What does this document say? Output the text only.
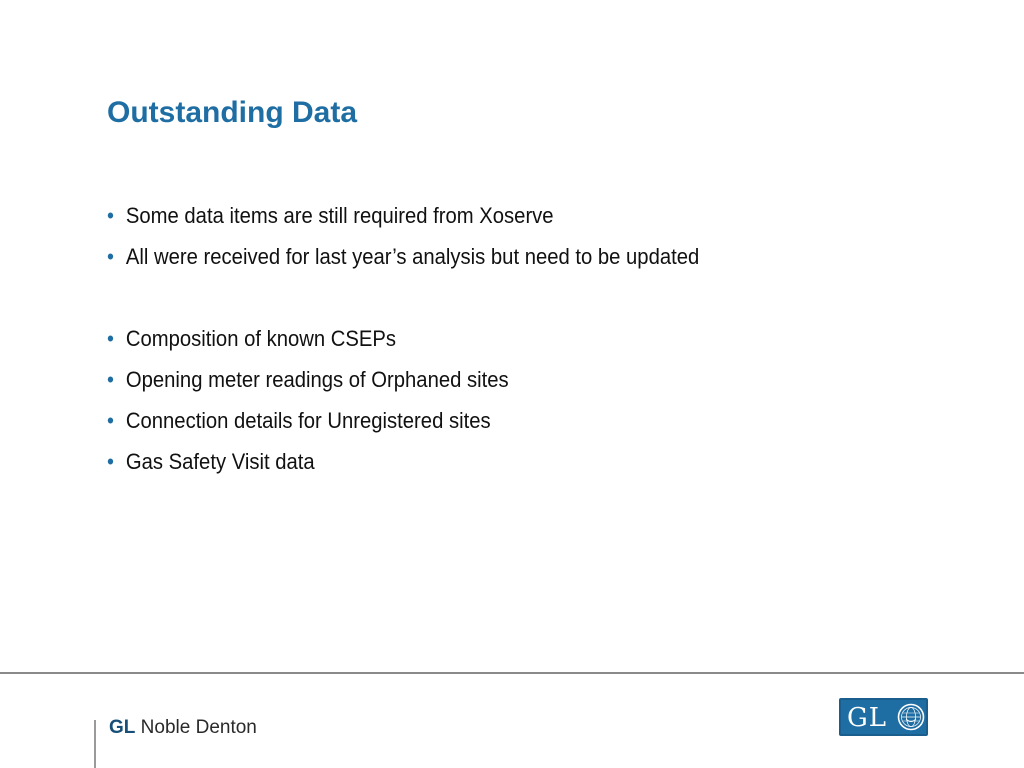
Outstanding Data
• Some data items are still required from Xoserve
• All were received for last year’s analysis but need to be updated
• Composition of known CSEPs
• Opening meter readings of Orphaned sites
• Connection details for Unregistered sites
• Gas Safety Visit data
GL Noble Denton	GL
